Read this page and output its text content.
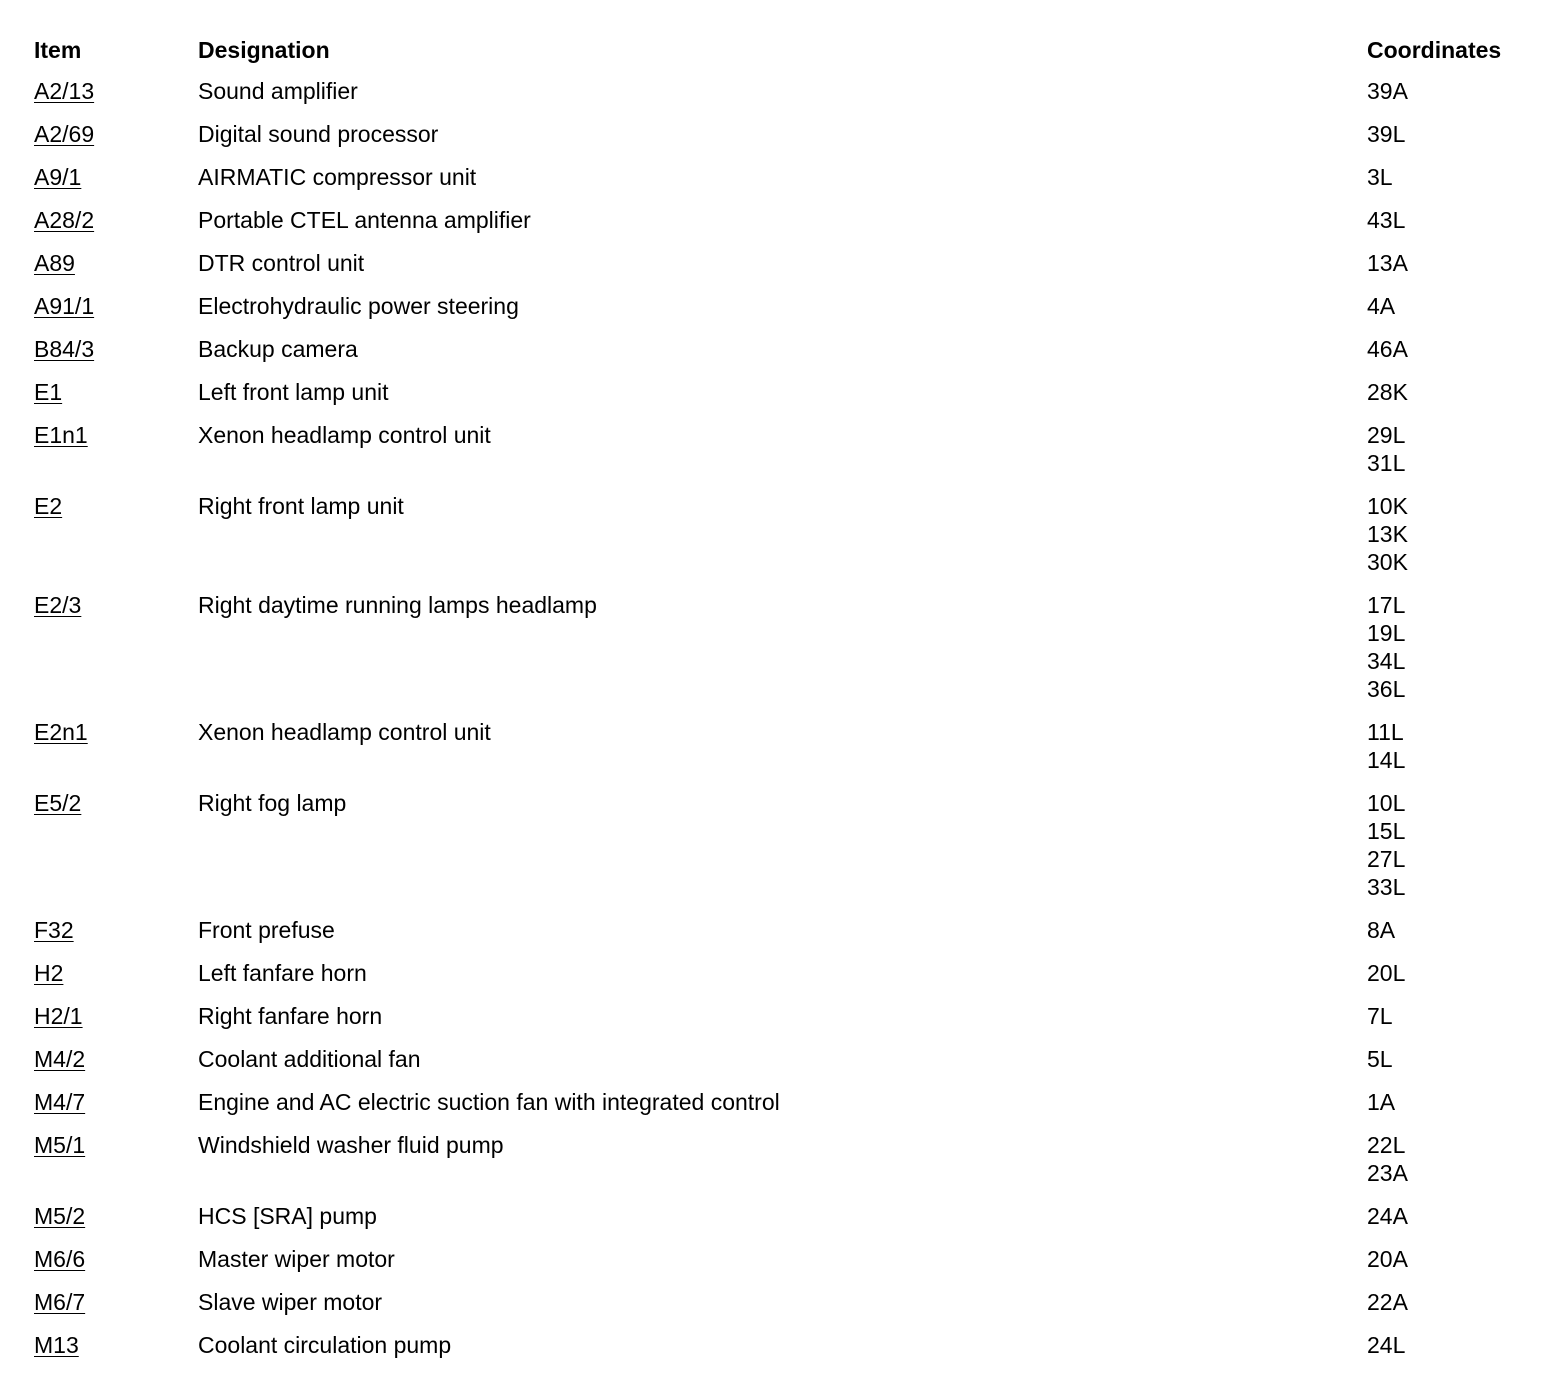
Item	Designation	Coordinates
A2/13	Sound amplifier	39A
A2/69	Digital sound processor	39L
A9/1	AIRMATIC compressor unit	3L
A28/2	Portable CTEL antenna amplifier	43L
A89	DTR control unit	13A
A91/1	Electrohydraulic power steering	4A
B84/3	Backup camera	46A
E1	Left front lamp unit	28K
E1n1	Xenon headlamp control unit	29L
31L
E2	Right front lamp unit	10K
13K
30K
E2/3	Right daytime running lamps headlamp	17L
19L
34L
36L
E2n1	Xenon headlamp control unit	11L
14L
E5/2	Right fog lamp	10L
15L
27L
33L
F32	Front prefuse	8A
H2	Left fanfare horn	20L
H2/1	Right fanfare horn	7L
M4/2	Coolant additional fan	5L
M4/7	Engine and AC electric suction fan with integrated control	1A
M5/1	Windshield washer fluid pump	22L
23A
M5/2	HCS [SRA] pump	24A
M6/6	Master wiper motor	20A
M6/7	Slave wiper motor	22A
M13	Coolant circulation pump	24L
